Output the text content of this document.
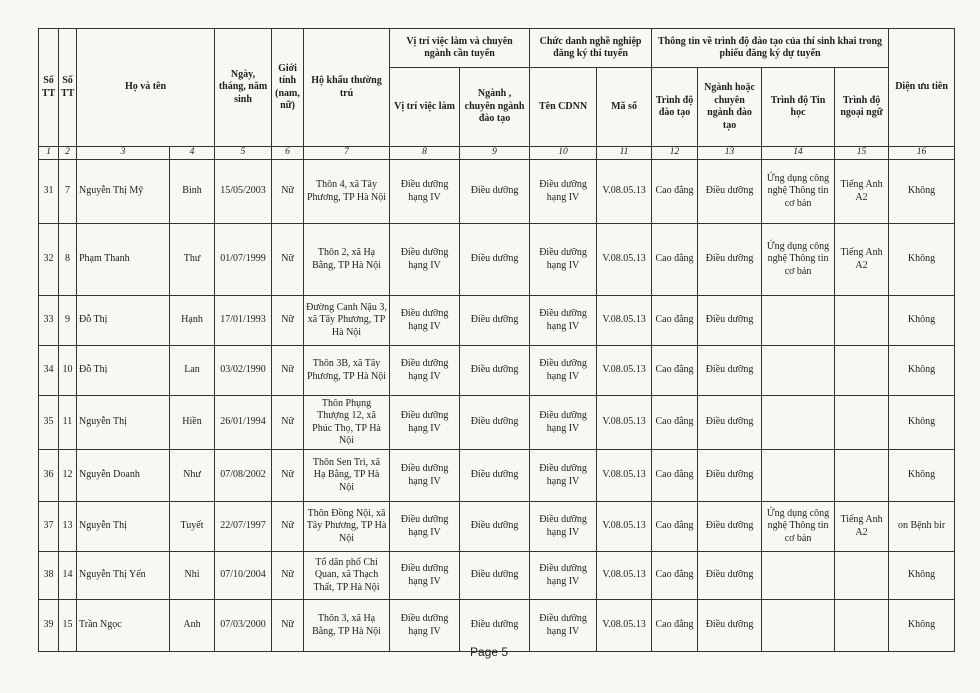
Số TT	Số TT	Họ và tên		Ngày, tháng, năm sinh	Giới tính (nam, nữ)	Hộ khẩu thường trú	Vị trí việc làm và chuyên ngành cần tuyển		Chức danh nghề nghiệp đăng ký thi tuyển		Thông tin về trình độ đào tạo của thí sinh khai trong phiếu đăng ký dự tuyển				Diện ưu tiên
							Vị trí việc làm	Ngành , chuyên ngành đào tạo	Tên CDNN	Mã số	Trình độ đào tạo	Ngành hoặc chuyên ngành đào tạo	Trình độ Tin học	Trình độ ngoại ngữ	
1	2	3	4	5	6	7	8	9	10	11	12	13	14	15	16
31	7	Nguyễn Thị Mỹ	Bình	15/05/2003	Nữ	Thôn 4, xã Tây Phương, TP Hà Nội	Điều dưỡng hạng IV	Điều dưỡng	Điều dưỡng hạng IV	V.08.05.13	Cao đẳng	Điều dưỡng	Ứng dụng công nghệ Thông tin cơ bản	Tiếng Anh A2	Không
32	8	Phạm Thanh	Thư	01/07/1999	Nữ	Thôn 2, xã Hạ Bằng, TP Hà Nội	Điều dưỡng hạng IV	Điều dưỡng	Điều dưỡng hạng IV	V.08.05.13	Cao đẳng	Điều dưỡng	Ứng dụng công nghệ Thông tin cơ bản	Tiếng Anh A2	Không
33	9	Đỗ Thị	Hạnh	17/01/1993	Nữ	Đường Canh Nậu 3, xã Tây Phương, TP Hà Nội	Điều dưỡng hạng IV	Điều dưỡng	Điều dưỡng hạng IV	V.08.05.13	Cao đẳng	Điều dưỡng			Không
34	10	Đỗ Thị	Lan	03/02/1990	Nữ	Thôn 3B, xã Tây Phương, TP Hà Nội	Điều dưỡng hạng IV	Điều dưỡng	Điều dưỡng hạng IV	V.08.05.13	Cao đẳng	Điều dưỡng			Không
35	11	Nguyễn Thị	Hiền	26/01/1994	Nữ	Thôn Phụng Thượng 12, xã Phúc Thọ, TP Hà Nội	Điều dưỡng hạng IV	Điều dưỡng	Điều dưỡng hạng IV	V.08.05.13	Cao đẳng	Điều dưỡng			Không
36	12	Nguyễn Doanh	Như	07/08/2002	Nữ	Thôn Sen Trì, xã Hạ Bằng, TP Hà Nội	Điều dưỡng hạng IV	Điều dưỡng	Điều dưỡng hạng IV	V.08.05.13	Cao đẳng	Điều dưỡng			Không
37	13	Nguyễn Thị	Tuyết	22/07/1997	Nữ	Thôn Đồng Nội, xã Tây Phương, TP Hà Nội	Điều dưỡng hạng IV	Điều dưỡng	Điều dưỡng hạng IV	V.08.05.13	Cao đẳng	Điều dưỡng	Ứng dụng công nghệ Thông tin cơ bản	Tiếng Anh A2	on Bệnh bir
38	14	Nguyễn Thị Yến	Nhi	07/10/2004	Nữ	Tổ dân phố Chi Quan, xã Thạch Thất, TP Hà Nội	Điều dưỡng hạng IV	Điều dưỡng	Điều dưỡng hạng IV	V.08.05.13	Cao đẳng	Điều dưỡng			Không
39	15	Trần Ngọc	Anh	07/03/2000	Nữ	Thôn 3, xã Hạ Bằng, TP Hà Nội	Điều dưỡng hạng IV	Điều dưỡng	Điều dưỡng hạng IV	V.08.05.13	Cao đẳng	Điều dưỡng			Không
Page 5
